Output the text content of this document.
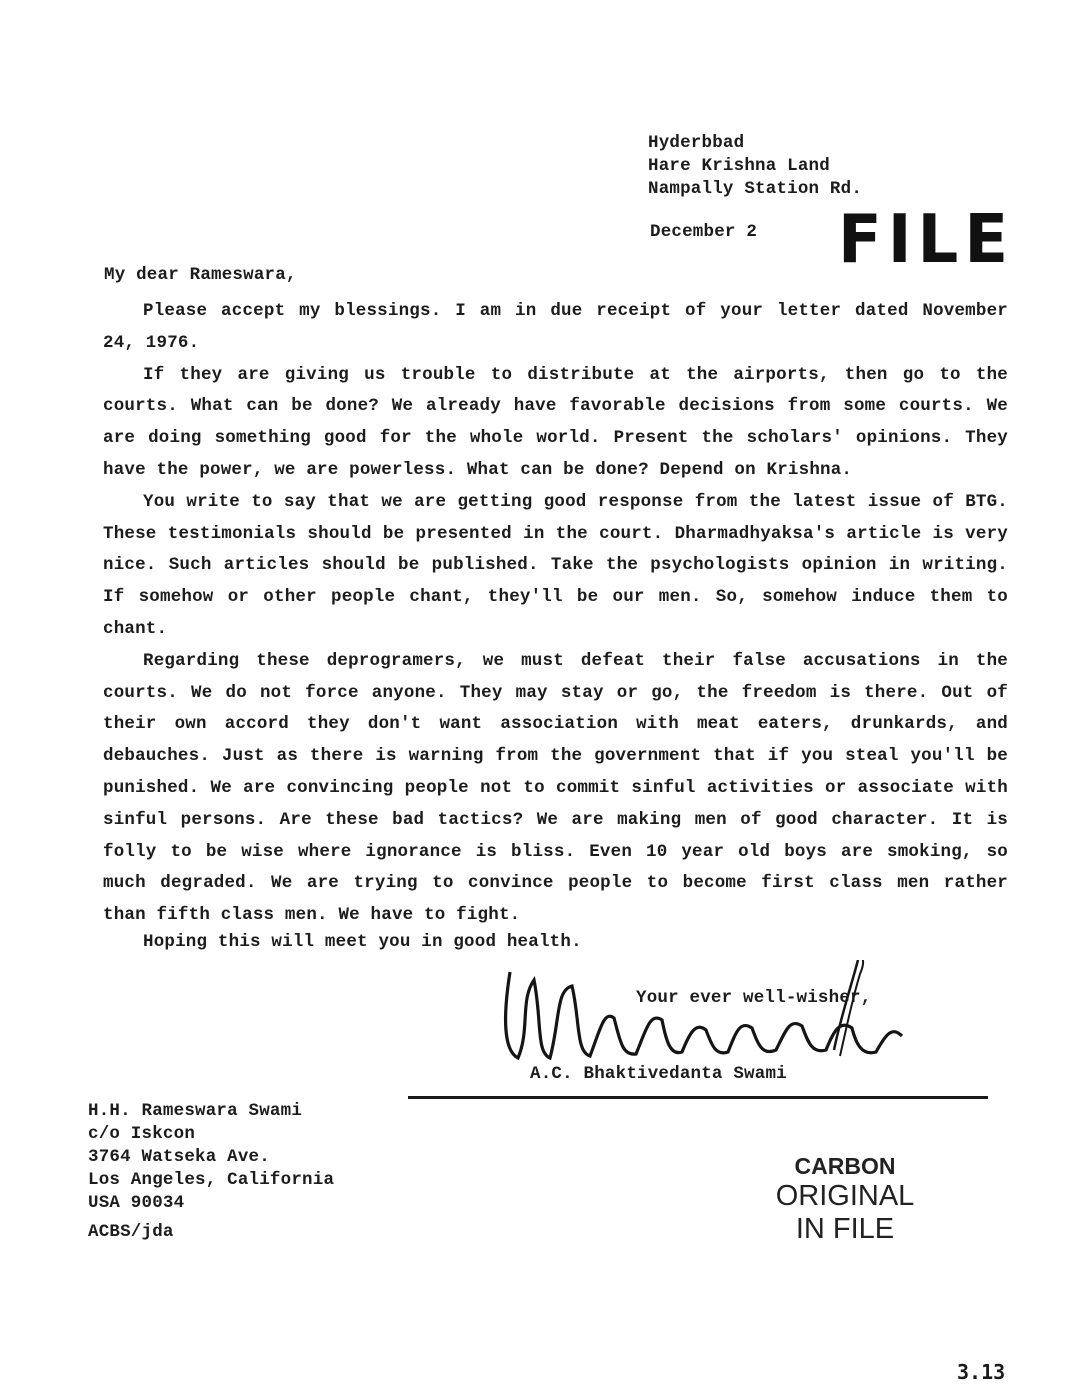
Hyderbbad
Hare Krishna Land
Nampally Station Rd.
December 2 FILE
My dear Rameswara,

Please accept my blessings. I am in due receipt of your letter dated November 24, 1976.

If they are giving us trouble to distribute at the airports, then go to the courts. What can be done? We already have favorable decisions from some courts. We are doing something good for the whole world. Present the scholars' opinions. They have the power, we are powerless. What can be done? Depend on Krishna.

You write to say that we are getting good response from the latest issue of BTG. These testimonials should be presented in the court. Dharmadhyaksa's article is very nice. Such articles should be published. Take the psychologists opinion in writing. If somehow or other people chant, they'll be our men. So, somehow induce them to chant.

Regarding these deprogramers, we must defeat their false accusations in the courts. We do not force anyone. They may stay or go, the freedom is there. Out of their own accord they don't want association with meat eaters, drunkards, and debauches. Just as there is warning from the government that if you steal you'll be punished. We are convincing people not to commit sinful activities or associate with sinful persons. Are these bad tactics? We are making men of good character. It is folly to be wise where ignorance is bliss. Even 10 year old boys are smoking, so much degraded. We are trying to convince people to become first class men rather than fifth class men. We have to fight.

Hoping this will meet you in good health.
Your ever well-wisher,
A.C. Bhaktivedanta Swami
H.H. Rameswara Swami
c/o Iskcon
3764 Watseka Ave.
Los Angeles, California
USA 90034
ACBS/jda
CARBON
ORIGINAL
IN FILE
3.13
